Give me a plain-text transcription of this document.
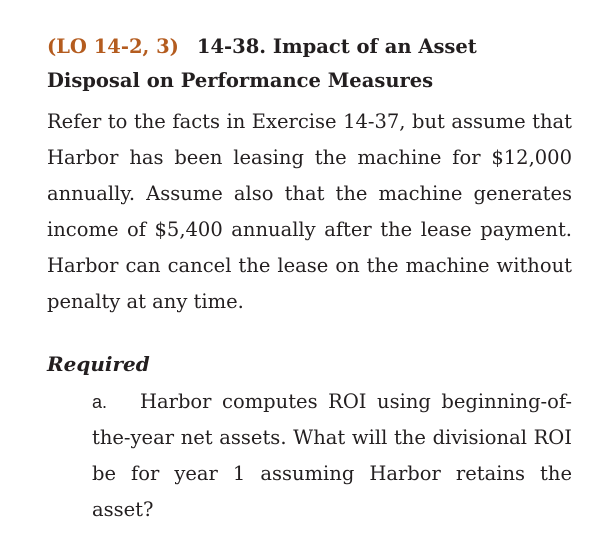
(LO 14-2, 3) 14-38. Impact of an Asset Disposal on Performance Measures

Refer to the facts in Exercise 14-37, but assume that Harbor has been leasing the machine for $12,000 annually. Assume also that the machine generates income of $5,400 annually after the lease payment. Harbor can cancel the lease on the machine without penalty at any time.

Required

a.	Harbor computes ROI using beginning-of-the-year net assets. What will the divisional ROI be for year 1 assuming Harbor retains the asset?
